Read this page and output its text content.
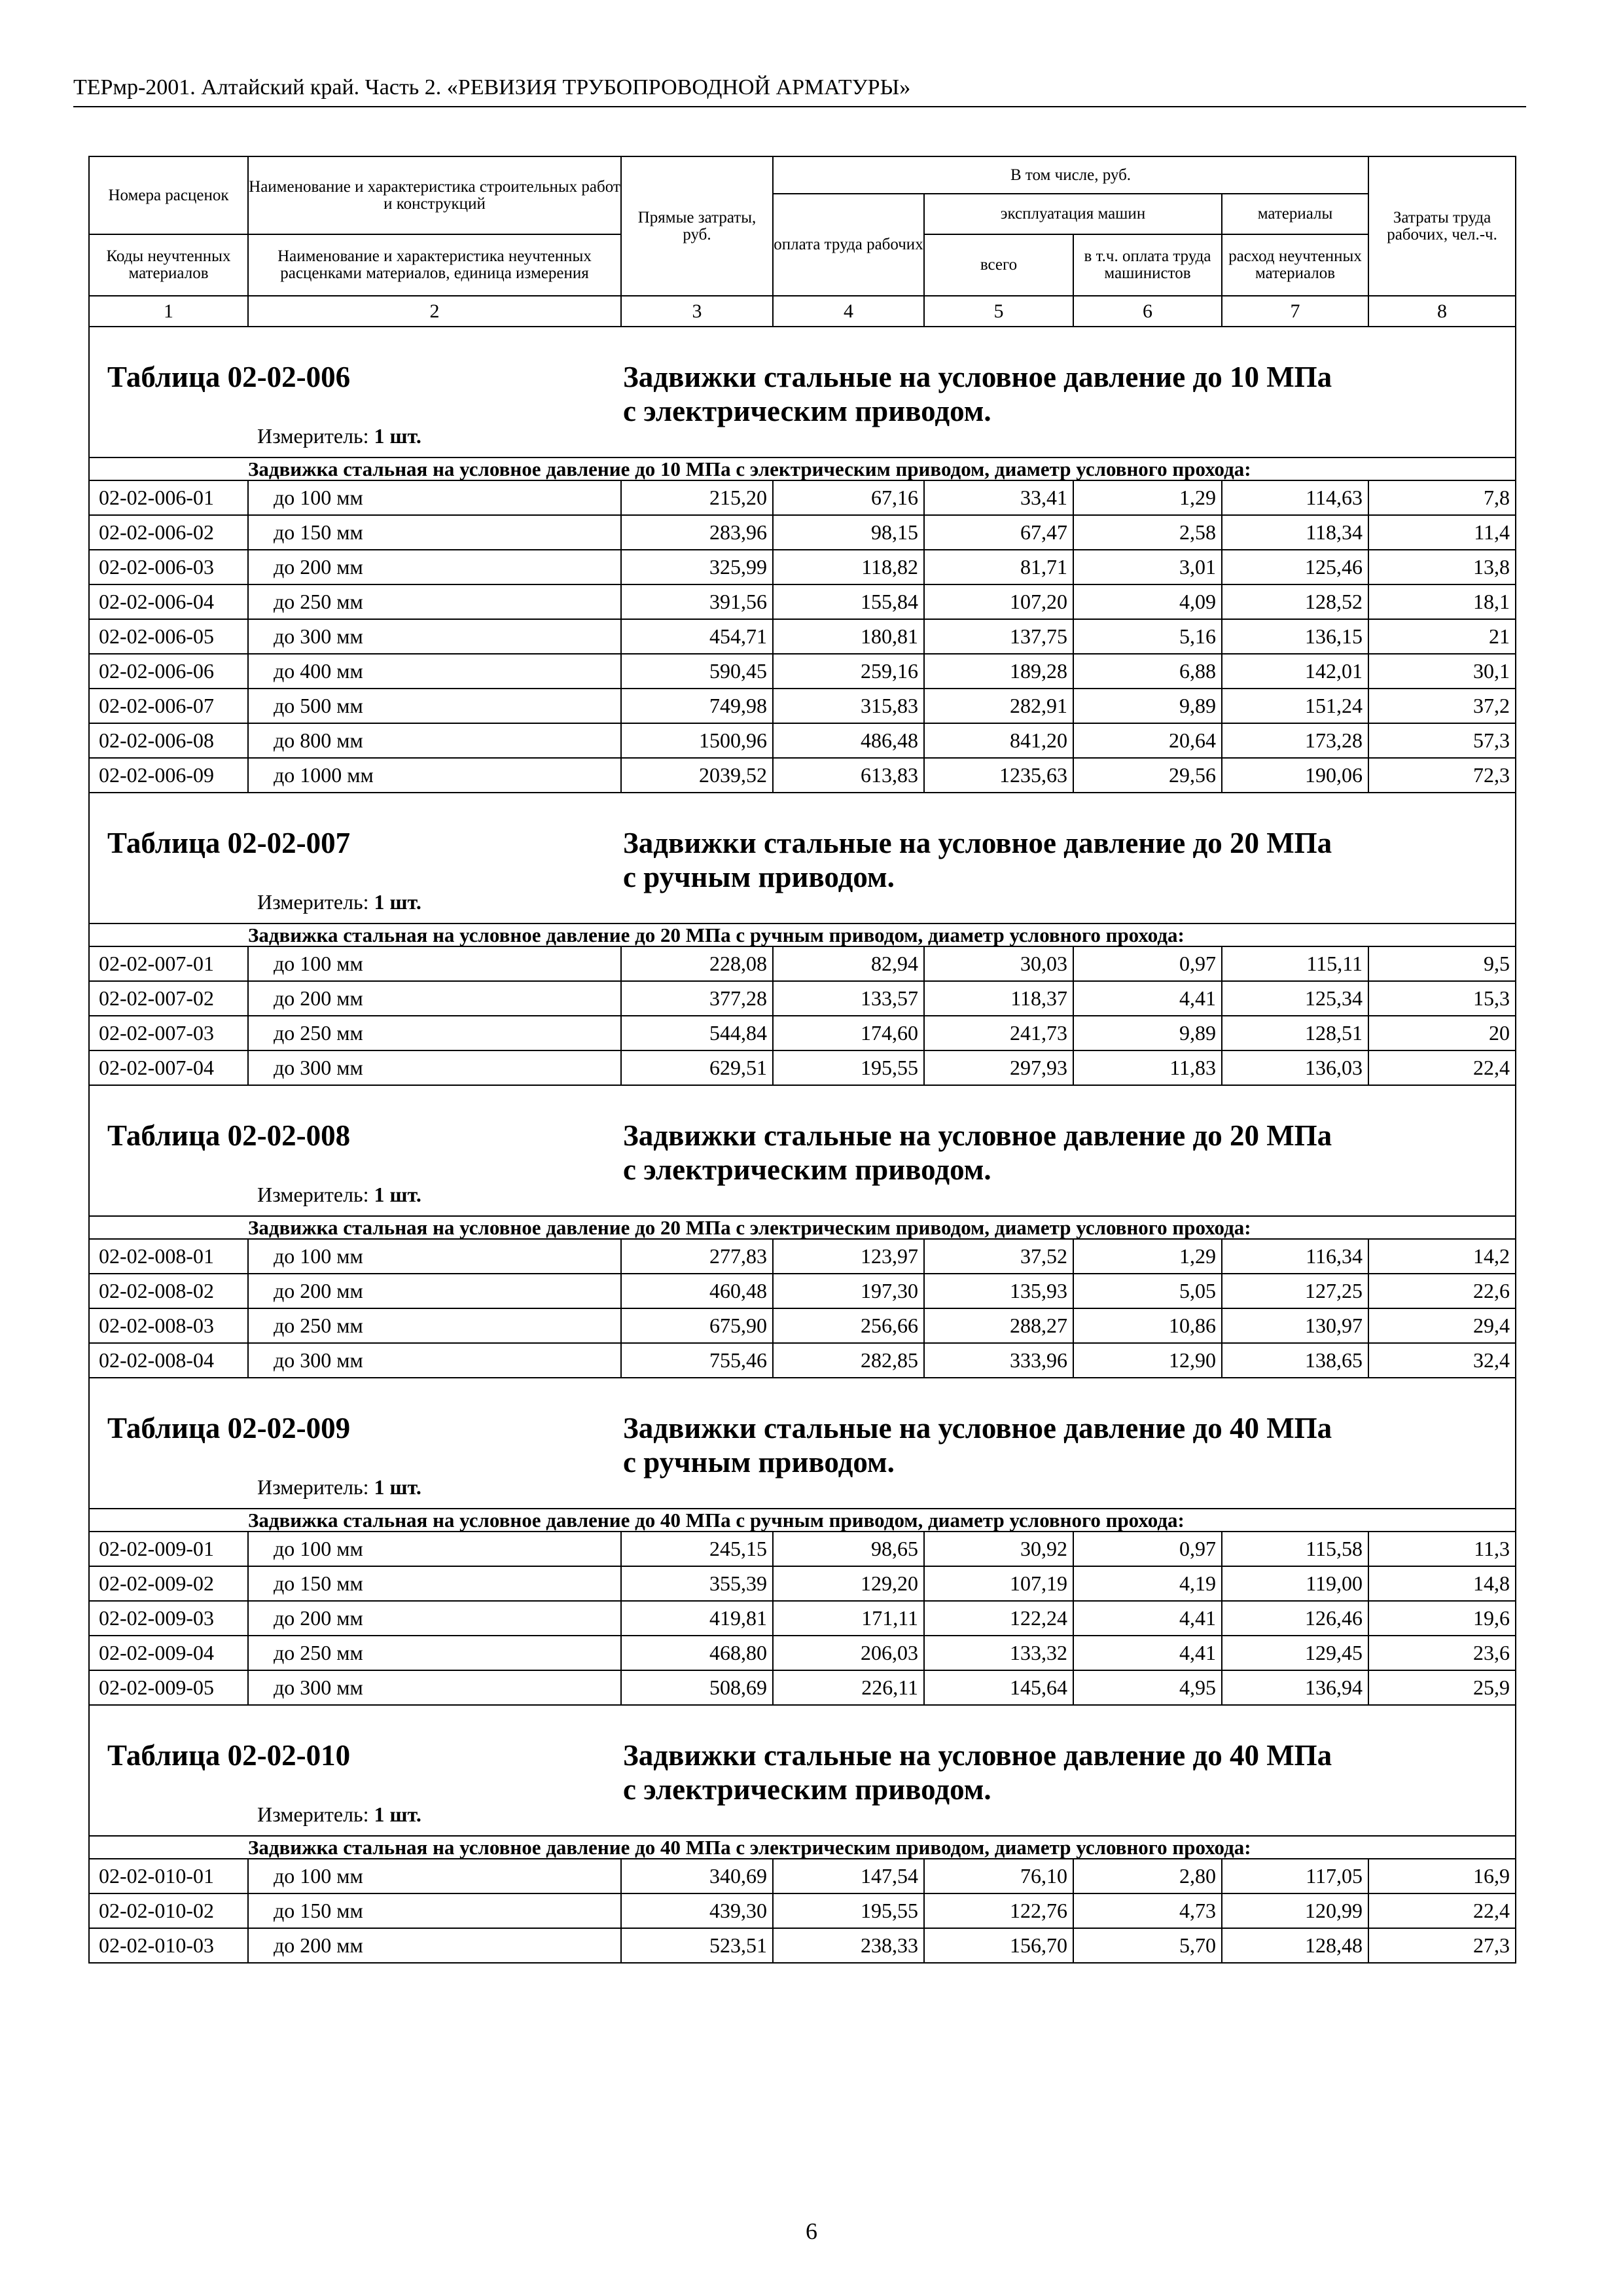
ТЕРмр-2001. Алтайский край. Часть 2. «РЕВИЗИЯ ТРУБОПРОВОДНОЙ АРМАТУРЫ»
Номера расценок	Наименование и характеристика строительных работ и конструкций	Прямые затраты, руб.	В том числе, руб.				Затраты труда рабочих, чел.-ч.
			оплата труда рабочих	эксплуатация машин		материалы	
Коды неучтенных материалов	Наименование и характеристика неучтенных расценками материалов, единица измерения			всего	в т.ч. оплата труда машинистов	расход неучтенных материалов	
1	2	3	4	5	6	7	8

Таблица 02-02-006 Задвижки стальные на условное давление до 10 МПа
с электрическим приводом.
Измеритель: 1 шт.							

	Задвижка стальная на условное давление до 10 МПа с электрическим приводом, диаметр условного прохода:						
02-02-006-01	до 100 мм	215,20	67,16	33,41	1,29	114,63	7,8
02-02-006-02	до 150 мм	283,96	98,15	67,47	2,58	118,34	11,4
02-02-006-03	до 200 мм	325,99	118,82	81,71	3,01	125,46	13,8
02-02-006-04	до 250 мм	391,56	155,84	107,20	4,09	128,52	18,1
02-02-006-05	до 300 мм	454,71	180,81	137,75	5,16	136,15	21
02-02-006-06	до 400 мм	590,45	259,16	189,28	6,88	142,01	30,1
02-02-006-07	до 500 мм	749,98	315,83	282,91	9,89	151,24	37,2
02-02-006-08	до 800 мм	1500,96	486,48	841,20	20,64	173,28	57,3
02-02-006-09	до 1000 мм	2039,52	613,83	1235,63	29,56	190,06	72,3

Таблица 02-02-007 Задвижки стальные на условное давление до 20 МПа
с ручным приводом.
Измеритель: 1 шт.							

	Задвижка стальная на условное давление до 20 МПа с ручным приводом, диаметр условного прохода:						
02-02-007-01	до 100 мм	228,08	82,94	30,03	0,97	115,11	9,5
02-02-007-02	до 200 мм	377,28	133,57	118,37	4,41	125,34	15,3
02-02-007-03	до 250 мм	544,84	174,60	241,73	9,89	128,51	20
02-02-007-04	до 300 мм	629,51	195,55	297,93	11,83	136,03	22,4

Таблица 02-02-008 Задвижки стальные на условное давление до 20 МПа
с электрическим приводом.
Измеритель: 1 шт.							

	Задвижка стальная на условное давление до 20 МПа с электрическим приводом, диаметр условного прохода:						
02-02-008-01	до 100 мм	277,83	123,97	37,52	1,29	116,34	14,2
02-02-008-02	до 200 мм	460,48	197,30	135,93	5,05	127,25	22,6
02-02-008-03	до 250 мм	675,90	256,66	288,27	10,86	130,97	29,4
02-02-008-04	до 300 мм	755,46	282,85	333,96	12,90	138,65	32,4

Таблица 02-02-009 Задвижки стальные на условное давление до 40 МПа
с ручным приводом.
Измеритель: 1 шт.							

	Задвижка стальная на условное давление до 40 МПа с ручным приводом, диаметр условного прохода:						
02-02-009-01	до 100 мм	245,15	98,65	30,92	0,97	115,58	11,3
02-02-009-02	до 150 мм	355,39	129,20	107,19	4,19	119,00	14,8
02-02-009-03	до 200 мм	419,81	171,11	122,24	4,41	126,46	19,6
02-02-009-04	до 250 мм	468,80	206,03	133,32	4,41	129,45	23,6
02-02-009-05	до 300 мм	508,69	226,11	145,64	4,95	136,94	25,9

Таблица 02-02-010 Задвижки стальные на условное давление до 40 МПа
с электрическим приводом.
Измеритель: 1 шт.							

	Задвижка стальная на условное давление до 40 МПа с электрическим приводом, диаметр условного прохода:						
02-02-010-01	до 100 мм	340,69	147,54	76,10	2,80	117,05	16,9
02-02-010-02	до 150 мм	439,30	195,55	122,76	4,73	120,99	22,4
02-02-010-03	до 200 мм	523,51	238,33	156,70	5,70	128,48	27,3
6
